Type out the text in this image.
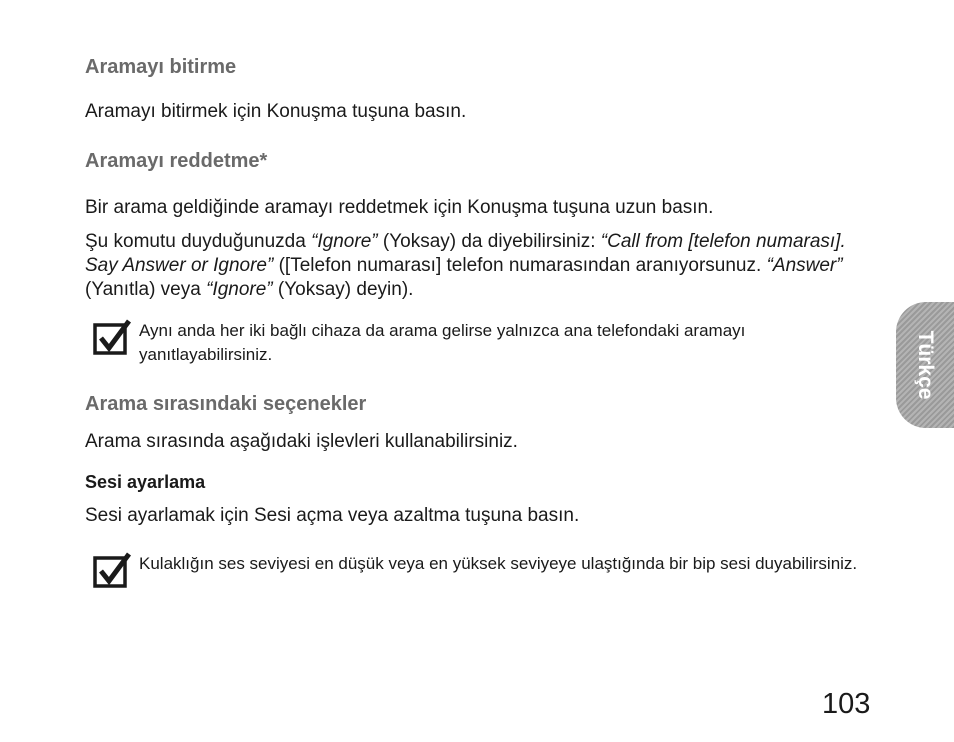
Aramayı bitirme

Aramayı bitirmek için Konuşma tuşuna basın.

Aramayı reddetme*

Bir arama geldiğinde aramayı reddetmek için Konuşma tuşuna uzun basın.

Şu komutu duyduğunuzda “Ignore” (Yoksay) da diyebilirsiniz: “Call from [telefon numarası]. Say Answer or Ignore” ([Telefon numarası] telefon numarasından aranıyorsunuz. “Answer” (Yanıtla) veya “Ignore” (Yoksay) deyin).

Aynı anda her iki bağlı cihaza da arama gelirse yalnızca ana telefondaki aramayı yanıtlayabilirsiniz.
Arama sırasındaki seçenekler

Arama sırasında aşağıdaki işlevleri kullanabilirsiniz.

Sesi ayarlama

Sesi ayarlamak için Sesi açma veya azaltma tuşuna basın.

Kulaklığın ses seviyesi en düşük veya en yüksek seviyeye ulaştığında bir bip sesi duyabilirsiniz.
Türkçe
103
